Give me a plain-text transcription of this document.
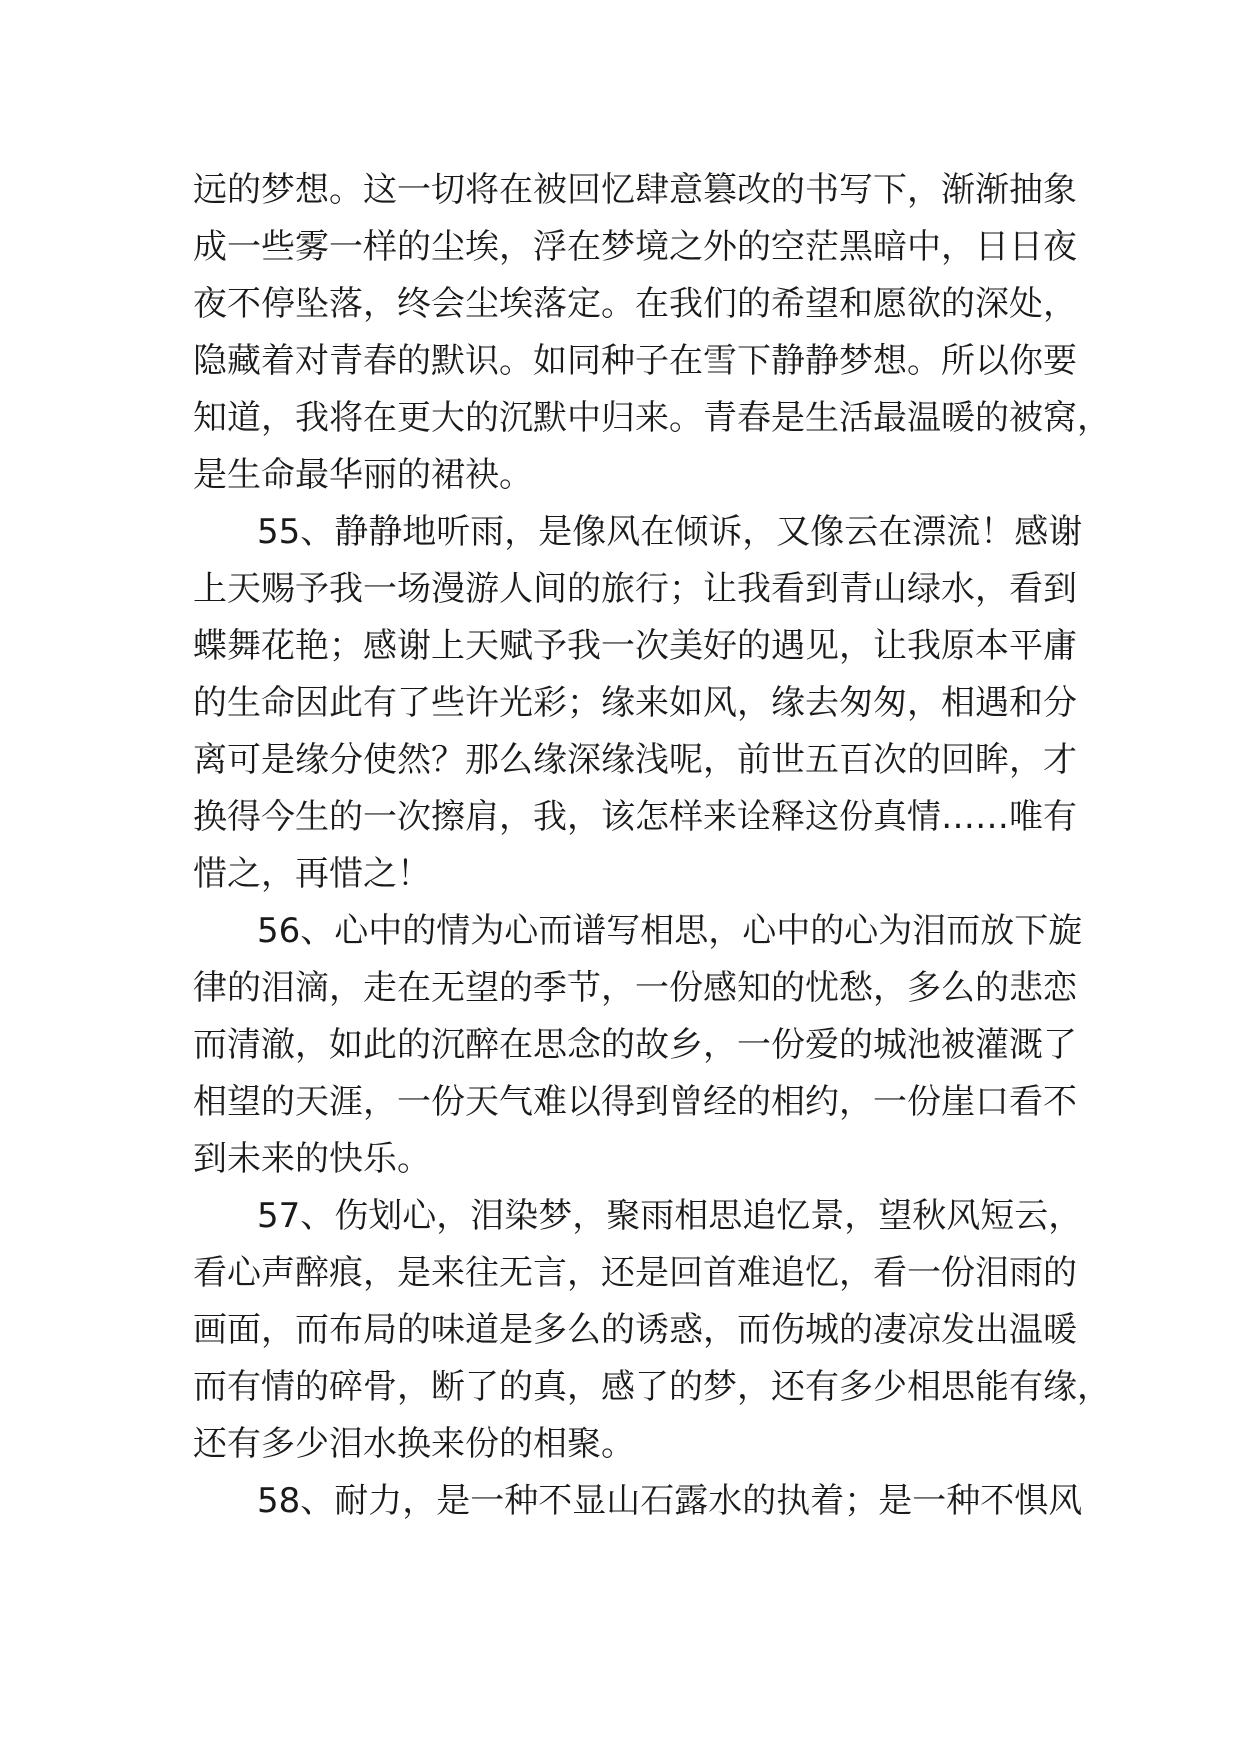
远的梦想。这一切将在被回忆肆意篡改的书写下，渐渐抽象
成一些雾一样的尘埃，浮在梦境之外的空茫黑暗中，日日夜
夜不停坠落，终会尘埃落定。在我们的希望和愿欲的深处，
隐藏着对青春的默识。如同种子在雪下静静梦想。所以你要
知道，我将在更大的沉默中归来。青春是生活最温暖的被窝，
是生命最华丽的裙袂。
55、静静地听雨，是像风在倾诉，又像云在漂流！感谢
上天赐予我一场漫游人间的旅行；让我看到青山绿水，看到
蝶舞花艳；感谢上天赋予我一次美好的遇见，让我原本平庸
的生命因此有了些许光彩；缘来如风，缘去匆匆，相遇和分
离可是缘分使然？那么缘深缘浅呢，前世五百次的回眸，才
换得今生的一次擦肩，我，该怎样来诠释这份真情……唯有
惜之，再惜之！
56、心中的情为心而谱写相思，心中的心为泪而放下旋
律的泪滴，走在无望的季节，一份感知的忧愁，多么的悲恋
而清澈，如此的沉醉在思念的故乡，一份爱的城池被灌溉了
相望的天涯，一份天气难以得到曾经的相约，一份崖口看不
到未来的快乐。
57、伤划心，泪染梦，聚雨相思追忆景，望秋风短云，
看心声醉痕，是来往无言，还是回首难追忆，看一份泪雨的
画面，而布局的味道是多么的诱惑，而伤城的凄凉发出温暖
而有情的碎骨，断了的真，感了的梦，还有多少相思能有缘，
还有多少泪水换来份的相聚。
58、耐力，是一种不显山石露水的执着；是一种不惧风
